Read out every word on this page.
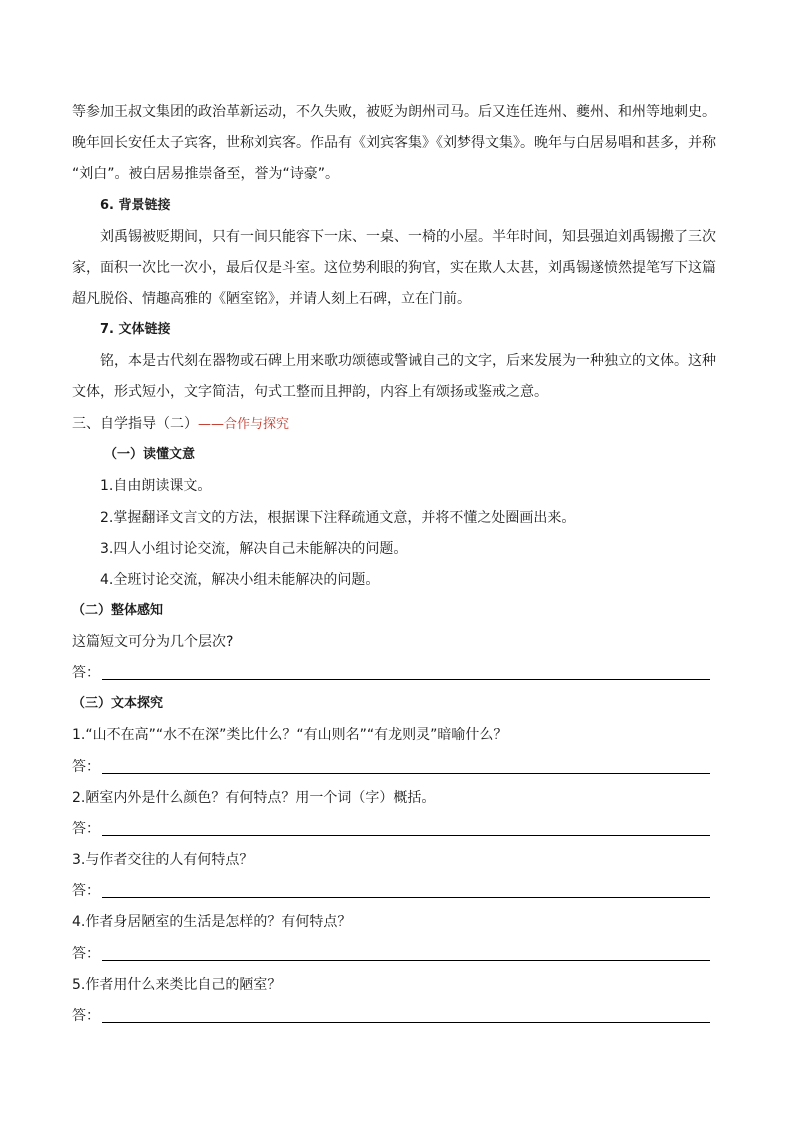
等参加王叔文集团的政治革新运动，不久失败，被贬为朗州司马。后又连任连州、夔州、和州等地刺史。
晚年回长安任太子宾客，世称刘宾客。作品有《刘宾客集》《刘梦得文集》。晚年与白居易唱和甚多，并称
“刘白”。被白居易推崇备至，誉为“诗豪”。
6. 背景链接
刘禹锡被贬期间，只有一间只能容下一床、一桌、一椅的小屋。半年时间，知县强迫刘禹锡搬了三次
家，面积一次比一次小，最后仅是斗室。这位势利眼的狗官，实在欺人太甚，刘禹锡遂愤然提笔写下这篇
超凡脱俗、情趣高雅的《陋室铭》，并请人刻上石碑，立在门前。
7. 文体链接
铭，本是古代刻在器物或石碑上用来歌功颂德或警诫自己的文字，后来发展为一种独立的文体。这种
文体，形式短小，文字简洁，句式工整而且押韵，内容上有颂扬或鉴戒之意。
三、自学指导（二）——合作与探究
（一）读懂文意
1.自由朗读课文。
2.掌握翻译文言文的方法，根据课下注释疏通文意，并将不懂之处圈画出来。
3.四人小组讨论交流，解决自己未能解决的问题。
4.全班讨论交流，解决小组未能解决的问题。
（二）整体感知
这篇短文可分为几个层次?
答：
（三）文本探究
1.“山不在高”“水不在深”类比什么？“有山则名”“有龙则灵”暗喻什么？
答：
2.陋室内外是什么颜色？有何特点？用一个词（字）概括。
答：
3.与作者交往的人有何特点？
答：
4.作者身居陋室的生活是怎样的？有何特点？
答：
5.作者用什么来类比自己的陋室？
答：
